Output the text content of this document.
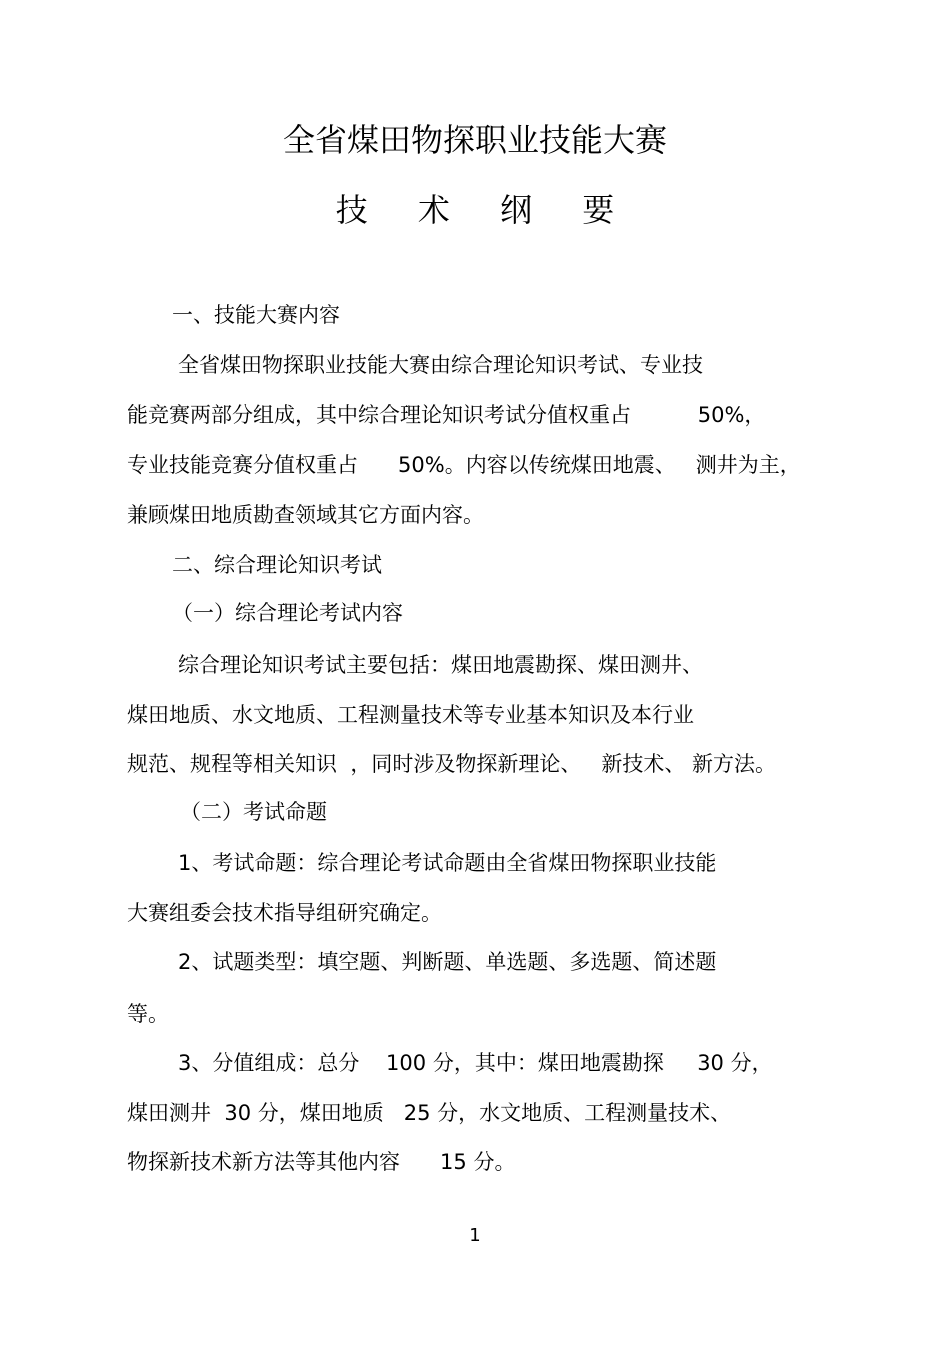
全省煤田物探职业技能大赛
技 术 纲 要
一、技能大赛内容
全省煤田物探职业技能大赛由综合理论知识考试、专业技
能竞赛两部分组成，其中综合理论知识考试分值权重占          50%，
专业技能竞赛分值权重占      50%。内容以传统煤田地震、   测井为主，
兼顾煤田地质勘查领域其它方面内容。
二、综合理论知识考试
（一）综合理论考试内容
综合理论知识考试主要包括：煤田地震勘探、煤田测井、
煤田地质、水文地质、工程测量技术等专业基本知识及本行业
规范、规程等相关知识  ，同时涉及物探新理论、   新技术、 新方法。
（二）考试命题
1、考试命题：综合理论考试命题由全省煤田物探职业技能
大赛组委会技术指导组研究确定。
2、试题类型：填空题、判断题、单选题、多选题、简述题
等。
3、分值组成：总分    100 分，其中：煤田地震勘探     30 分，
煤田测井  30 分，煤田地质   25 分，水文地质、工程测量技术、
物探新技术新方法等其他内容      15 分。
1
